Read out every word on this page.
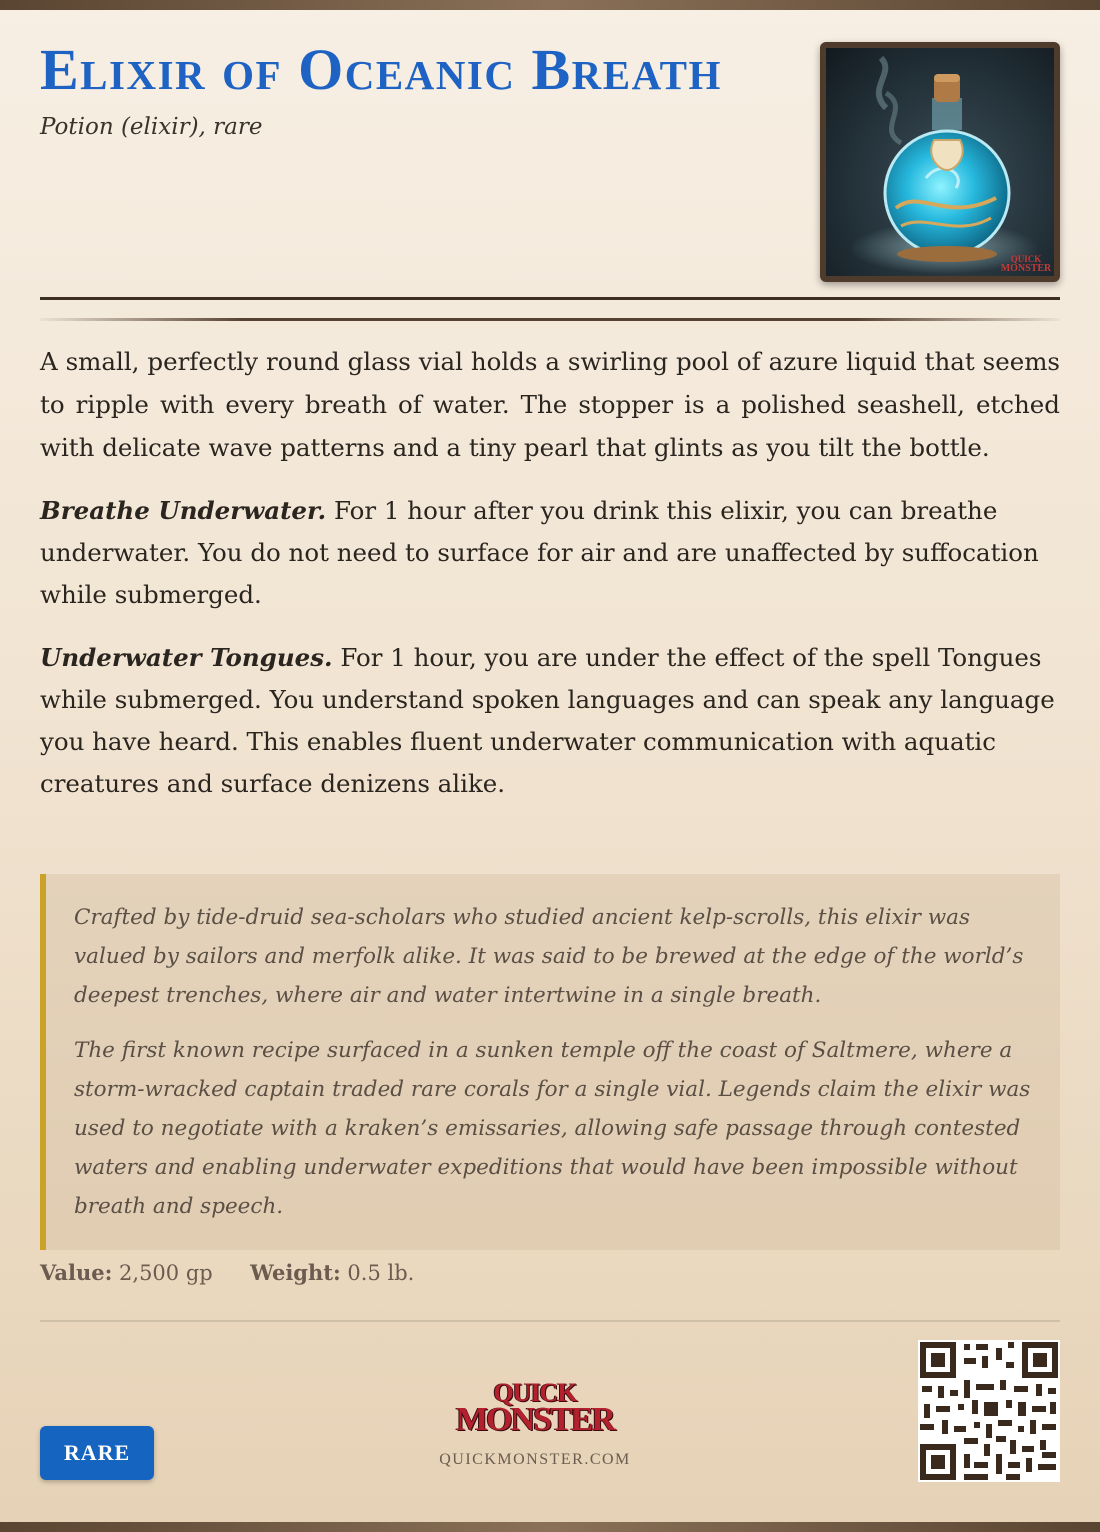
Elixir of Oceanic Breath
Potion (elixir), rare
QUICK
MONSTER

A small, perfectly round glass vial holds a swirling pool of azure liquid that seems to ripple with every breath of water. The stopper is a polished seashell, etched with delicate wave patterns and a tiny pearl that glints as you tilt the bottle.

Breathe Underwater. For 1 hour after you drink this elixir, you can breathe underwater. You do not need to surface for air and are unaffected by suffocation while submerged.

Underwater Tongues. For 1 hour, you are under the effect of the spell Tongues while submerged. You understand spoken languages and can speak any language you have heard. This enables fluent underwater communication with aquatic creatures and surface denizens alike.

Crafted by tide-druid sea-scholars who studied ancient kelp-scrolls, this elixir was valued by sailors and merfolk alike. It was said to be brewed at the edge of the world’s deepest trenches, where air and water intertwine in a single breath.

The first known recipe surfaced in a sunken temple off the coast of Saltmere, where a storm-wracked captain traded rare corals for a single vial. Legends claim the elixir was used to negotiate with a kraken’s emissaries, allowing safe passage through contested waters and enabling underwater expeditions that would have been impossible without breath and speech.

Value: 2,500 gp Weight: 0.5 lb.
RARE
QUICK
MONSTER
QUICKMONSTER.COM
